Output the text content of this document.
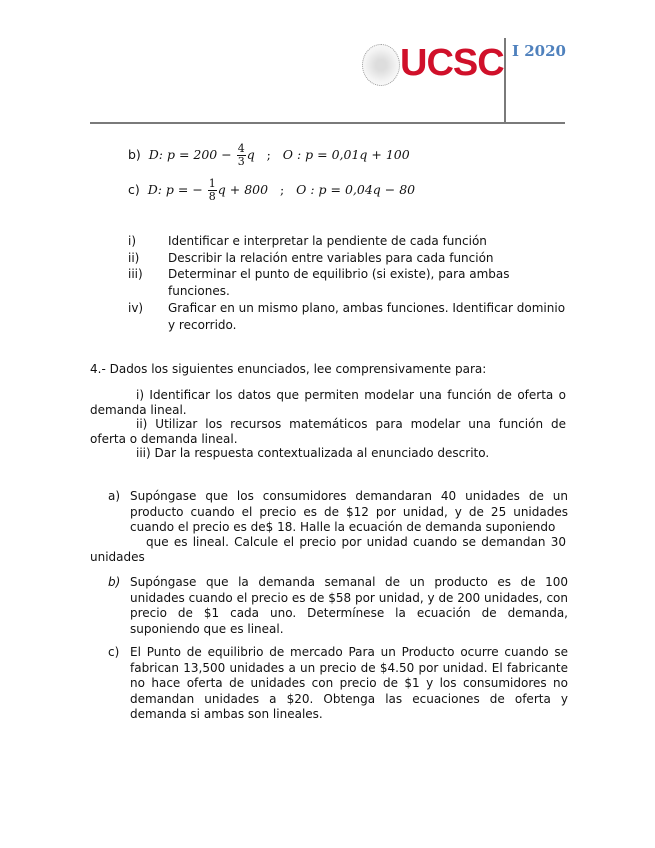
UCSC I 2020
b) D: $p = 200 - \frac{4}{3}$ q ; O : p = 0,01q + 100
c) D: p = − $\frac{1}{8}$ q + 800 ; O : p = 0,04q − 80
i)	Identificar e interpretar la pendiente de cada función
ii) Describir la relación entre variables para cada función
iii) Determinar el punto de equilibrio (si existe), para ambas funciones.
iv) Graficar en un mismo plano, ambas funciones. Identificar dominio y recorrido.
4.- Dados los siguientes enunciados, lee comprensivamente para:
i) Identificar los datos que permiten modelar una función de oferta o demanda lineal.
ii) Utilizar los recursos matemáticos para modelar una función de oferta o demanda lineal.
iii) Dar la respuesta contextualizada al enunciado descrito.
a) Supóngase que los consumidores demandaran 40 unidades de un producto cuando el precio es de $12 por unidad, y de 25 unidades cuando el precio es de$ 18. Halle la ecuación de demanda suponiendo
que es lineal. Calcule el precio por unidad cuando se demandan 30 unidades
b) Supóngase que la demanda semanal de un producto es de 100 unidades cuando el precio es de $58 por unidad, y de 200 unidades, con precio de $1 cada uno. Determínese la ecuación de demanda, suponiendo que es lineal.
c) El Punto de equilibrio de mercado Para un Producto ocurre cuando se fabrican 13,500 unidades a un precio de $4.50 por unidad. El fabricante no hace oferta de unidades con precio de $1 y los consumidores no demandan unidades a $20. Obtenga las ecuaciones de oferta y demanda si ambas son lineales.
